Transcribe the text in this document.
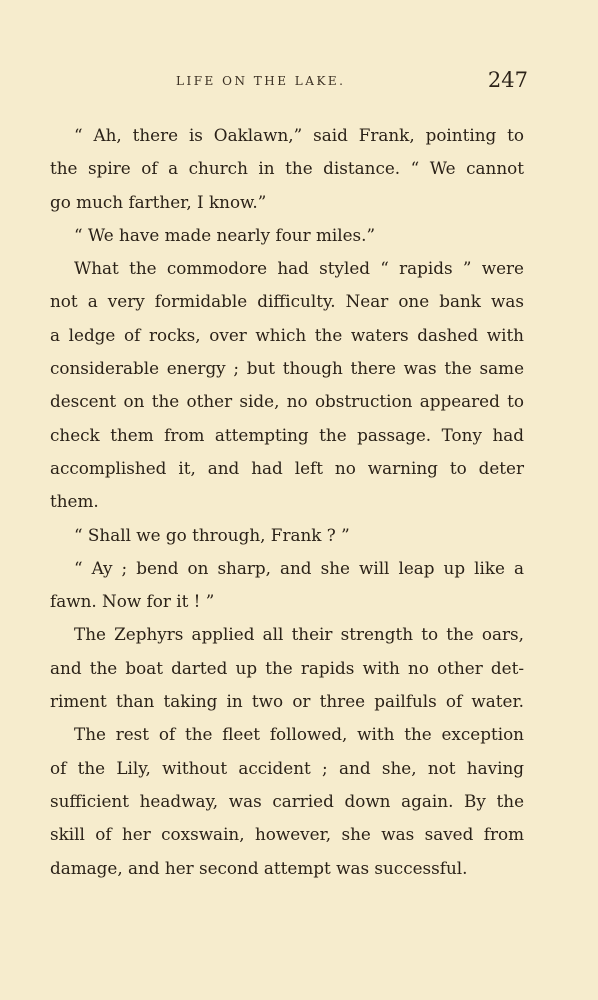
LIFE ON THE LAKE.	247
“ Ah, there is Oaklawn,” said Frank, pointing to
the spire of a church in the distance. “ We cannot
go much farther, I know.”
“ We have made nearly four miles.”
What the commodore had styled “ rapids ” were
not a very formidable difficulty. Near one bank was
a ledge of rocks, over which the waters dashed with
considerable energy ; but though there was the same
descent on the other side, no obstruction appeared to
check them from attempting the passage. Tony had
accomplished it, and had left no warning to deter
them.
“ Shall we go through, Frank ? ”
“ Ay ; bend on sharp, and she will leap up like a
fawn. Now for it ! ”
The Zephyrs applied all their strength to the oars,
and the boat darted up the rapids with no other det-
riment than taking in two or three pailfuls of water.
The rest of the fleet followed, with the exception
of the Lily, without accident ; and she, not having
sufficient headway, was carried down again. By the
skill of her coxswain, however, she was saved from
damage, and her second attempt was successful.
